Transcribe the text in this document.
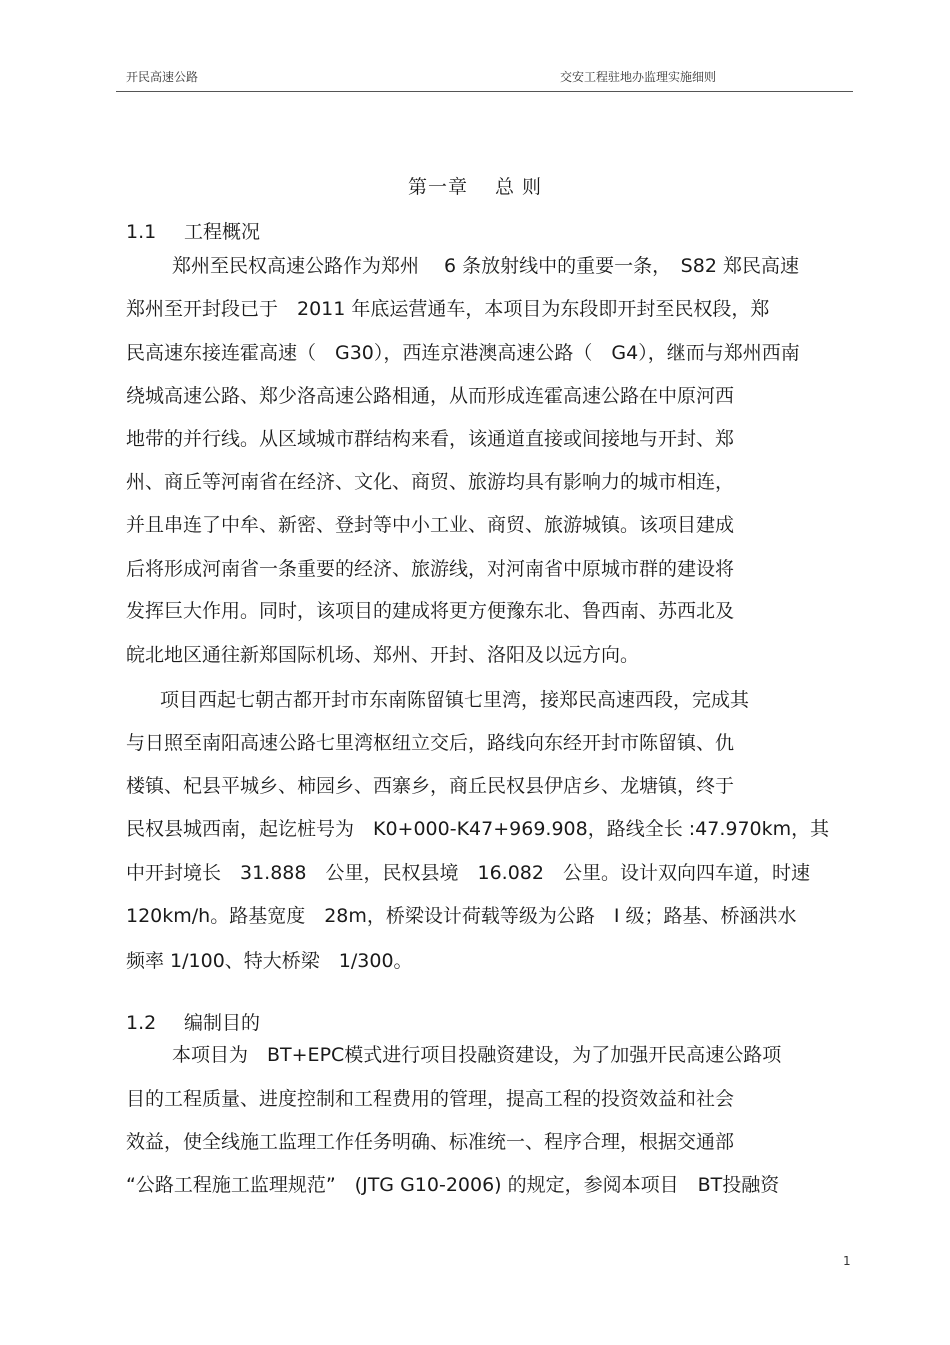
开民高速公路	交安工程驻地办监理实施细则
第一章　 总 则
1.1 工程概况
郑州至民权高速公路作为郑州　 6 条放射线中的重要一条，　S82 郑民高速
郑州至开封段已于　2011 年底运营通车，本项目为东段即开封至民权段，郑
民高速东接连霍高速（　G30），西连京港澳高速公路（　G4），继而与郑州西南
绕城高速公路、郑少洛高速公路相通，从而形成连霍高速公路在中原河西
地带的并行线。从区域城市群结构来看，该通道直接或间接地与开封、郑
州、商丘等河南省在经济、文化、商贸、旅游均具有影响力的城市相连，
并且串连了中牟、新密、登封等中小工业、商贸、旅游城镇。该项目建成
后将形成河南省一条重要的经济、旅游线，对河南省中原城市群的建设将
发挥巨大作用。同时，该项目的建成将更方便豫东北、鲁西南、苏西北及
皖北地区通往新郑国际机场、郑州、开封、洛阳及以远方向。
项目西起七朝古都开封市东南陈留镇七里湾，接郑民高速西段，完成其
与日照至南阳高速公路七里湾枢纽立交后，路线向东经开封市陈留镇、仇
楼镇、杞县平城乡、柿园乡、西寨乡，商丘民权县伊店乡、龙塘镇，终于
民权县城西南，起讫桩号为　K0+000-K47+969.908，路线全长 :47.970km，其
中开封境长　31.888　公里，民权县境　16.082　公里。设计双向四车道，时速
120km/h。路基宽度　28m，桥梁设计荷载等级为公路　Ⅰ 级；路基、桥涵洪水
频率 1/100、特大桥梁　1/300。
1.2 编制目的
本项目为　BT+EPC模式进行项目投融资建设，为了加强开民高速公路项
目的工程质量、进度控制和工程费用的管理，提高工程的投资效益和社会
效益，使全线施工监理工作任务明确、标准统一、程序合理，根据交通部
“公路工程施工监理规范”　(JTG G10-2006) 的规定，参阅本项目　BT投融资
1
